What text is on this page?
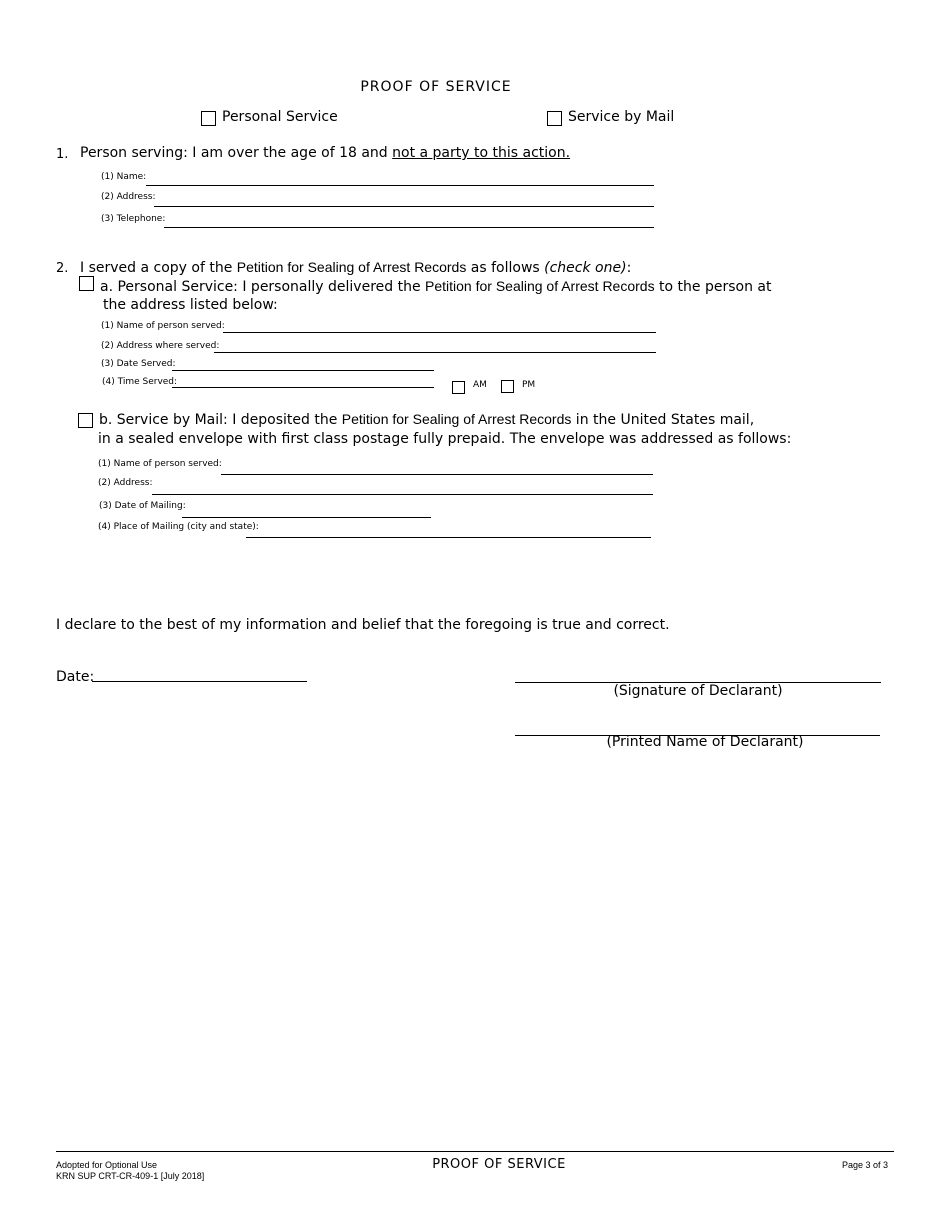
PROOF OF SERVICE
Personal Service	Service by Mail
1. Person serving: I am over the age of 18 and not a party to this action.
(1) Name:
(2) Address:
(3) Telephone:
2. I served a copy of the Petition for Sealing of Arrest Records as follows (check one):
a. Personal Service: I personally delivered the Petition for Sealing of Arrest Records to the person at
the address listed below:
(1) Name of person served:
(2) Address where served:
(3) Date Served:
(4) Time Served:	AM	PM
b. Service by Mail: I deposited the Petition for Sealing of Arrest Records in the United States mail,
in a sealed envelope with first class postage fully prepaid. The envelope was addressed as follows:
(1) Name of person served:
(2) Address:
(3) Date of Mailing:
(4) Place of Mailing (city and state):
I declare to the best of my information and belief that the foregoing is true and correct.
Date:
(Signature of Declarant)
(Printed Name of Declarant)
Adopted for Optional Use
KRN SUP CRT-CR-409-1 [July 2018]
PROOF OF SERVICE	Page 3 of 3
